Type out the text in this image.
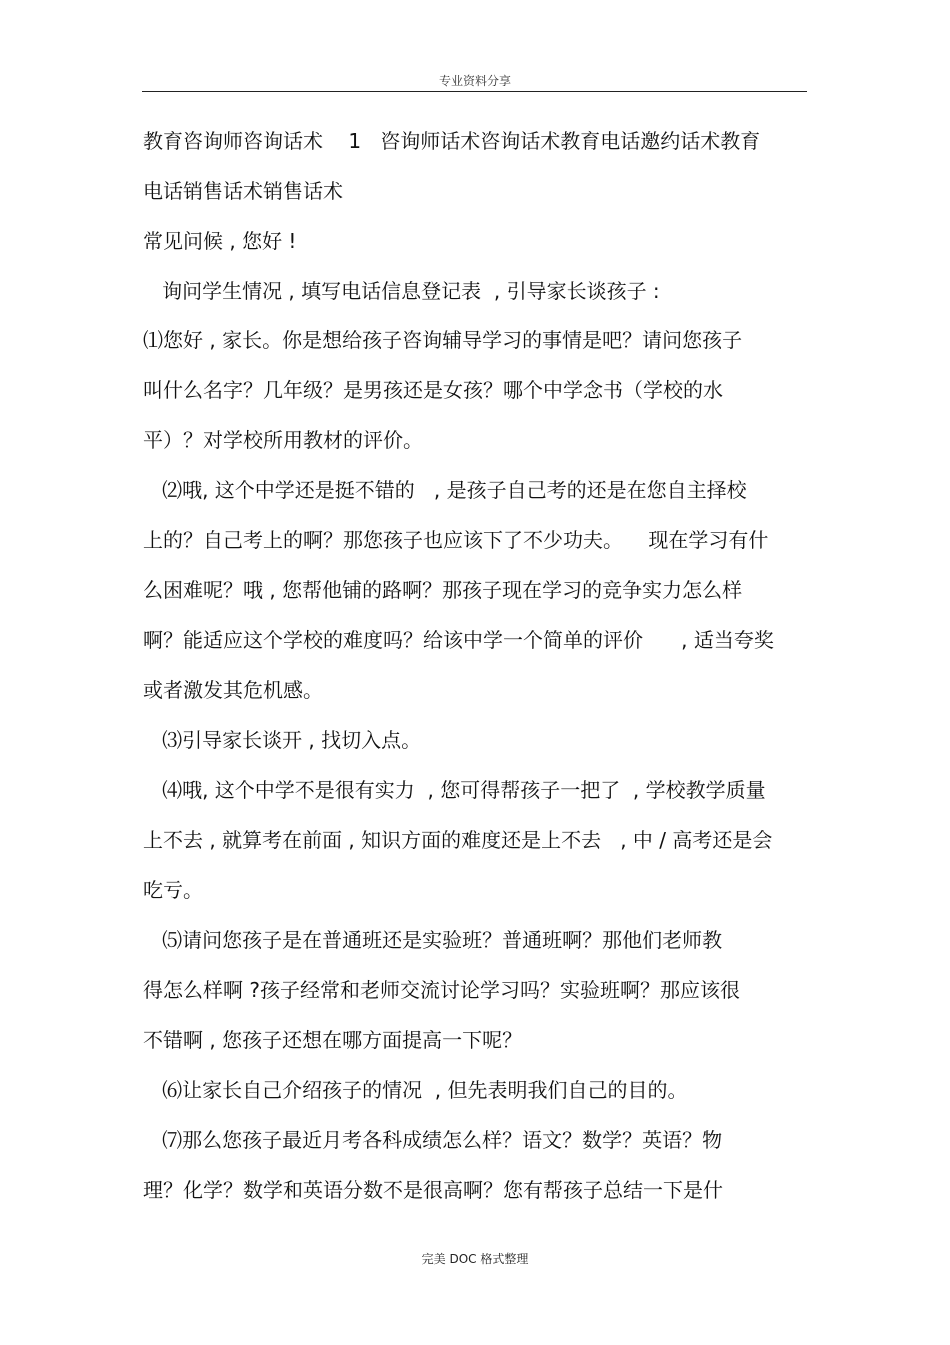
专业资料分享
教育咨询师咨询话术    1   咨询师话术咨询话术教育电话邀约话术教育
电话销售话术销售话术
常见问候 , 您好 !
询问学生情况 , 填写电话信息登记表  , 引导家长谈孩子 :
⑴您好 , 家长。你是想给孩子咨询辅导学习的事情是吧？请问您孩子
叫什么名字？几年级？是男孩还是女孩？哪个中学念书（学校的水
平）？对学校所用教材的评价。
⑵哦, 这个中学还是挺不错的   , 是孩子自己考的还是在您自主择校
上的？自己考上的啊？那您孩子也应该下了不少功夫。    现在学习有什
么困难呢？哦 , 您帮他铺的路啊？那孩子现在学习的竞争实力怎么样
啊？能适应这个学校的难度吗？给该中学一个简单的评价      , 适当夸奖
或者激发其危机感。
⑶引导家长谈开 , 找切入点。
⑷哦, 这个中学不是很有实力  , 您可得帮孩子一把了  , 学校教学质量
上不去 , 就算考在前面 , 知识方面的难度还是上不去   , 中 / 高考还是会
吃亏。
⑸请问您孩子是在普通班还是实验班？普通班啊？那他们老师教
得怎么样啊 ?孩子经常和老师交流讨论学习吗？实验班啊？那应该很
不错啊 , 您孩子还想在哪方面提高一下呢？
⑹让家长自己介绍孩子的情况  , 但先表明我们自己的目的。
⑺那么您孩子最近月考各科成绩怎么样？语文？数学？英语？物
理？化学？数学和英语分数不是很高啊？您有帮孩子总结一下是什
完美 DOC 格式整理
